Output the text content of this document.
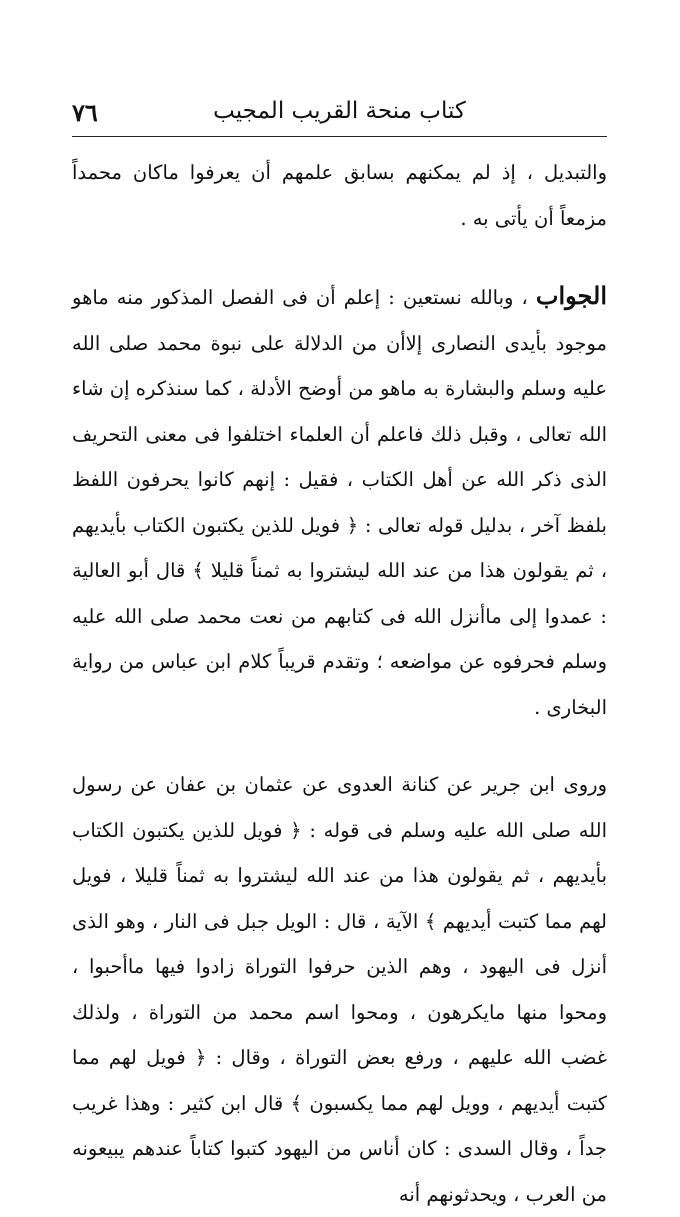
٧٦	كتاب منحة القريب المجيب

والتبديل ، إذ لم يمكنهم بسابق علمهم أن يعرفوا ماكان محمداً مزمعاً أن يأتى به .

الجواب ، وبالله نستعين : إعلم أن فى الفصل المذكور منه ماهو موجود بأيدى النصارى إلاأن من الدلالة على نبوة محمد صلى الله عليه وسلم والبشارة به ماهو من أوضح الأدلة ، كما سنذكره إن شاء الله تعالى ، وقبل ذلك فاعلم أن العلماء اختلفوا فى معنى التحريف الذى ذكر الله عن أهل الكتاب ، فقيل : إنهم كانوا يحرفون اللفظ بلفظ آخر ، بدليل قوله تعالى : ﴿ فويل للذين يكتبون الكتاب بأيديهم ، ثم يقولون هذا من عند الله ليشتروا به ثمناً قليلا ﴾ قال أبو العالية : عمدوا إلى ماأنزل الله فى كتابهم من نعت محمد صلى الله عليه وسلم فحرفوه عن مواضعه ؛ وتقدم قريباً كلام ابن عباس من رواية البخارى .

وروى ابن جرير عن كنانة العدوى عن عثمان بن عفان عن رسول الله صلى الله عليه وسلم فى قوله : ﴿ فويل للذين يكتبون الكتاب بأيديهم ، ثم يقولون هذا من عند الله ليشتروا به ثمناً قليلا ، فويل لهم مما كتبت أيديهم ﴾ الآية ، قال : الويل جبل فى النار ، وهو الذى أنزل فى اليهود ، وهم الذين حرفوا التوراة زادوا فيها ماأحبوا ، ومحوا منها مايكرهون ، ومحوا اسم محمد من التوراة ، ولذلك غضب الله عليهم ، ورفع بعض التوراة ، وقال : ﴿ فويل لهم مما كتبت أيديهم ، وويل لهم مما يكسبون ﴾ قال ابن كثير : وهذا غريب جداً ، وقال السدى : كان أناس من اليهود كتبوا كتاباً عندهم يبيعونه من العرب ، ويحدثونهم أنه
